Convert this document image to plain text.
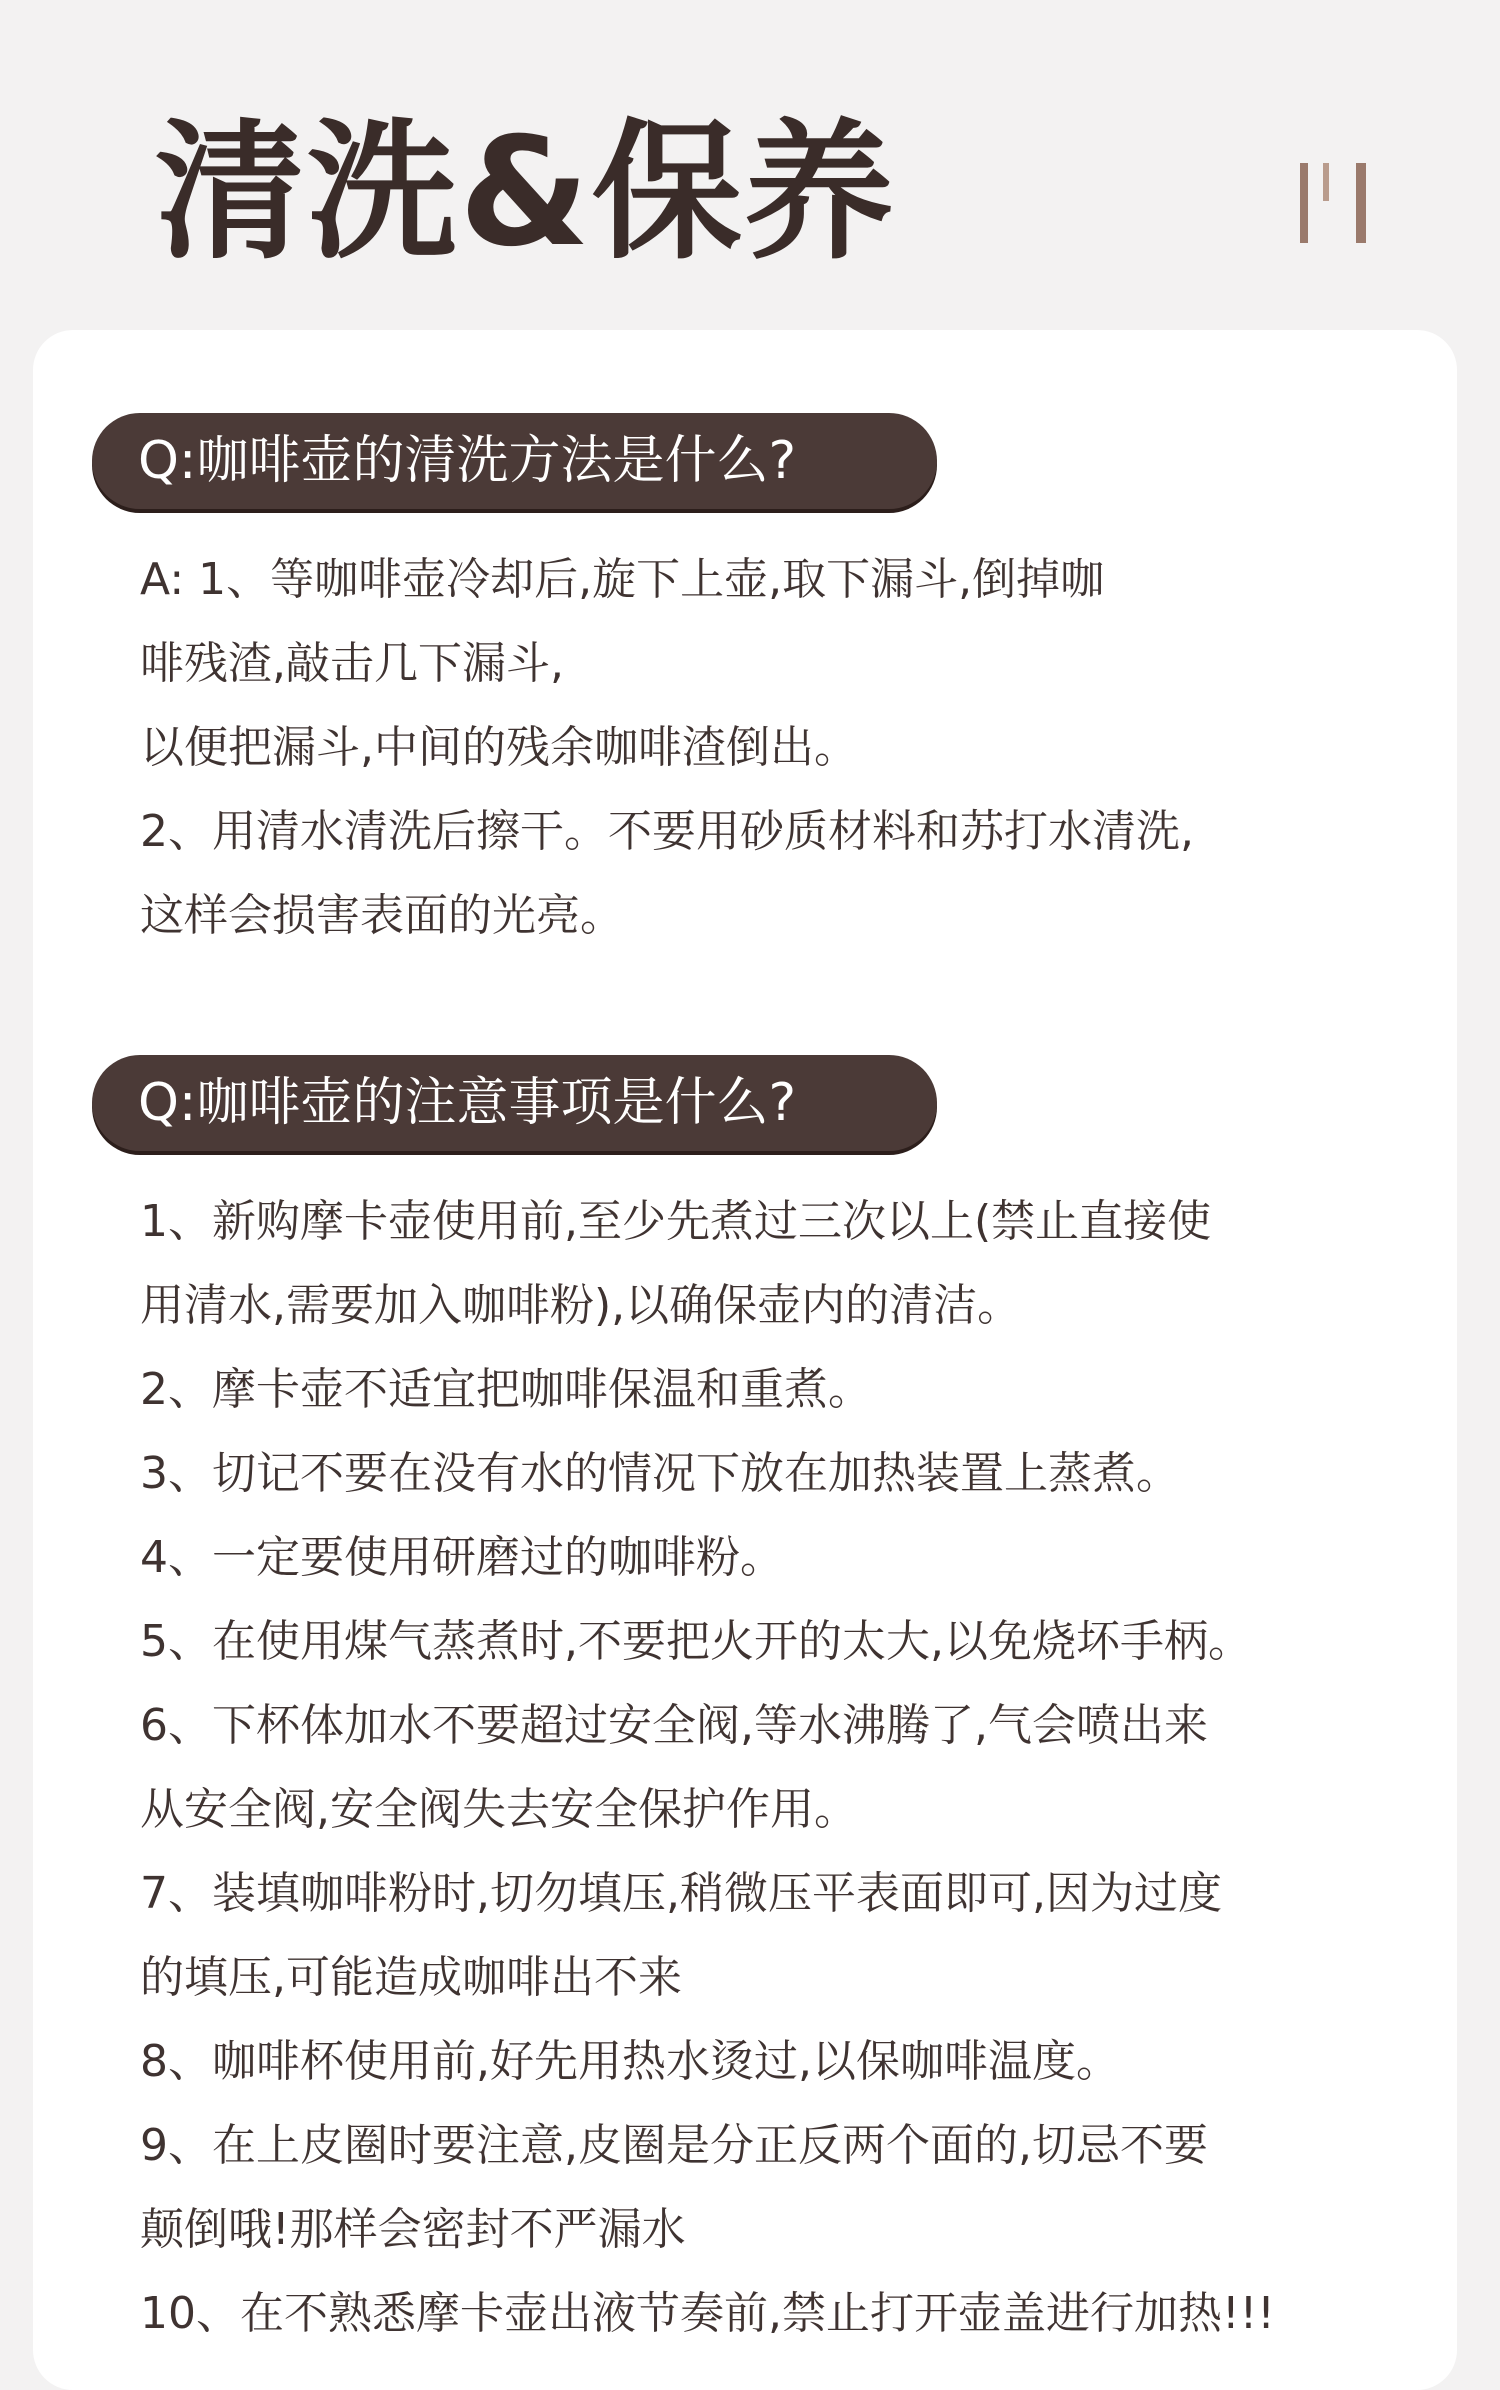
清洗&保养
Q:咖啡壶的清洗方法是什么?
A: 1、等咖啡壶冷却后,旋下上壶,取下漏斗,倒掉咖
啡残渣,敲击几下漏斗,
以便把漏斗,中间的残余咖啡渣倒出。
2、用清水清洗后擦干。不要用砂质材料和苏打水清洗,
这样会损害表面的光亮。
Q:咖啡壶的注意事项是什么?
1、新购摩卡壶使用前,至少先煮过三次以上(禁止直接使
用清水,需要加入咖啡粉),以确保壶内的清洁。
2、摩卡壶不适宜把咖啡保温和重煮。
3、切记不要在没有水的情况下放在加热装置上蒸煮。
4、一定要使用研磨过的咖啡粉。
5、在使用煤气蒸煮时,不要把火开的太大,以免烧坏手柄。
6、下杯体加水不要超过安全阀,等水沸腾了,气会喷出来
从安全阀,安全阀失去安全保护作用。
7、装填咖啡粉时,切勿填压,稍微压平表面即可,因为过度
的填压,可能造成咖啡出不来
8、咖啡杯使用前,好先用热水烫过,以保咖啡温度。
9、在上皮圈时要注意,皮圈是分正反两个面的,切忌不要
颠倒哦!那样会密封不严漏水
10、在不熟悉摩卡壶出液节奏前,禁止打开壶盖进行加热!!!
